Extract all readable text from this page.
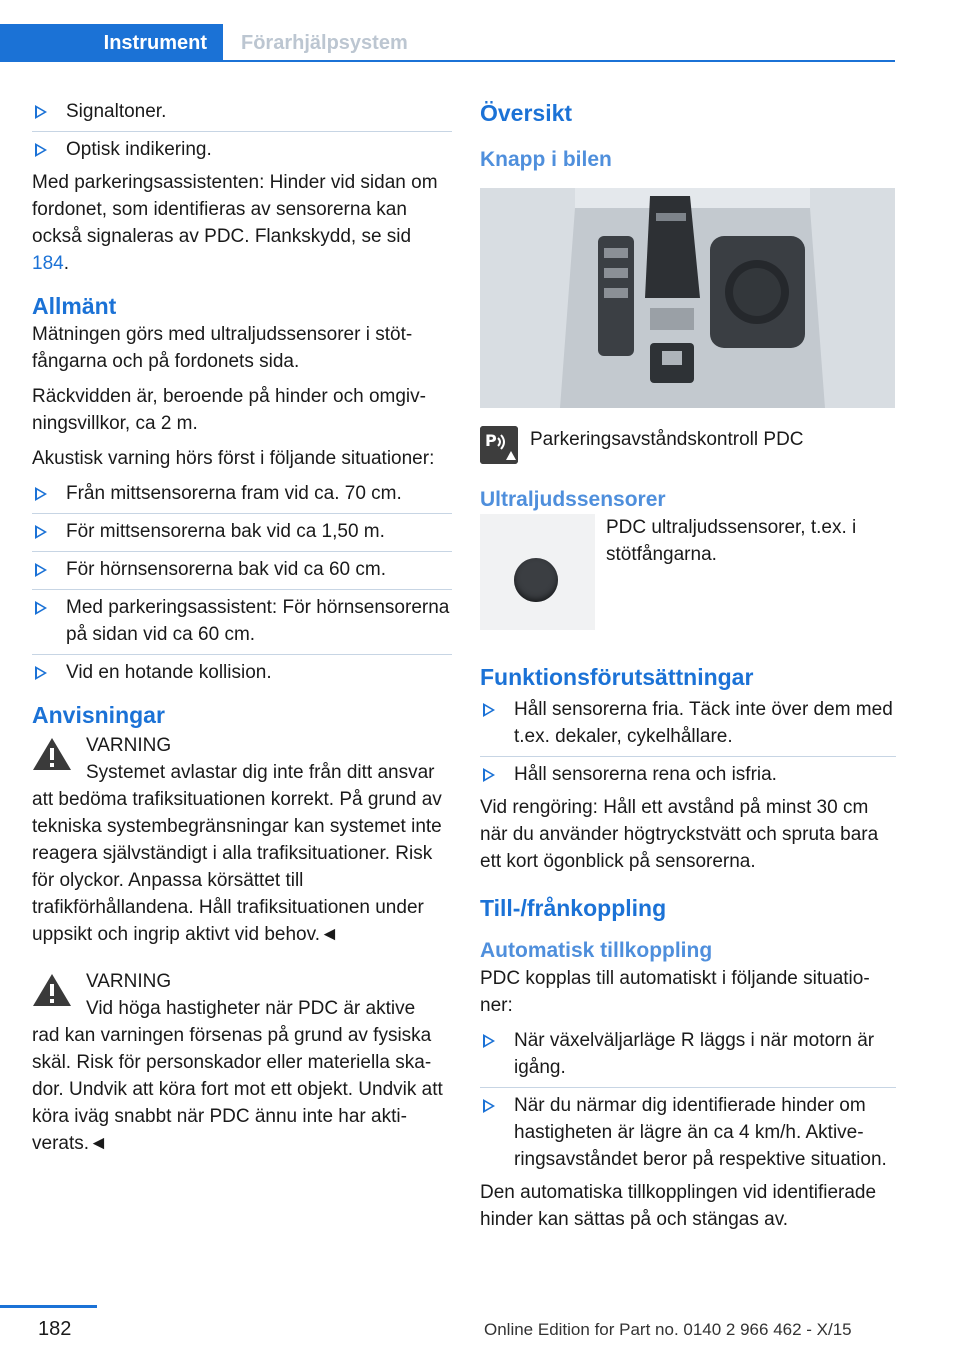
Instrument	Förarhjälpsystem
Signaltoner.
Optisk indikering.

Med parkeringsassistenten: Hinder vid sidan om fordonet, som identifieras av sensorerna kan också signaleras av PDC. Flankskydd, se sid 184.

Allmänt

Mätningen görs med ultraljudssensorer i stötfångarna och på fordonets sida.

Räckvidden är, beroende på hinder och omgivningsvillkor, ca 2 m.

Akustisk varning hörs först i följande situationer:

Från mittsensorerna fram vid ca. 70 cm.
För mittsensorerna bak vid ca 1,50 m.
För hörnsensorerna bak vid ca 60 cm.
Med parkeringsassistent: För hörnsensorerna på sidan vid ca 60 cm.
Vid en hotande kollision.
Anvisningar

VARNING

Systemet avlastar dig inte från ditt ansvar

att bedöma trafiksituationen korrekt. På grund av tekniska systembegränsningar kan systemet inte reagera självständigt i alla trafiksituationer. Risk för olyckor. Anpassa körsättet till trafikförhållandena. Håll trafiksituationen under uppsikt och ingrip aktivt vid behov.◄

VARNING

Vid höga hastigheter när PDC är aktive

rad kan varningen försenas på grund av fysiska skäl. Risk för personskador eller materiella skador. Undvik att köra fort mot ett objekt. Undvik att köra iväg snabbt när PDC ännu inte har aktiverats.◄

Översikt
Knapp i bilen
P Parkeringsavståndskontroll PDC

Ultraljudssensorer

PDC ultraljudssensorer, t.ex. i stötfångarna.

Funktionsförutsättningar
Håll sensorerna fria. Täck inte över dem med t.ex. dekaler, cykelhållare.
Håll sensorerna rena och isfria.

Vid rengöring: Håll ett avstånd på minst 30 cm när du använder högtryckstvätt och spruta bara ett kort ögonblick på sensorerna.

Till-/frånkoppling
Automatisk tillkoppling

PDC kopplas till automatiskt i följande situationer:

När växelväljarläge R läggs i när motorn är igång.
När du närmar dig identifierade hinder om hastigheten är lägre än ca 4 km/h. Aktiveringsavståndet beror på respektive situation.

Den automatiska tillkopplingen vid identifierade hinder kan sättas på och stängas av.

182	Online Edition for Part no. 0140 2 966 462 - X/15
